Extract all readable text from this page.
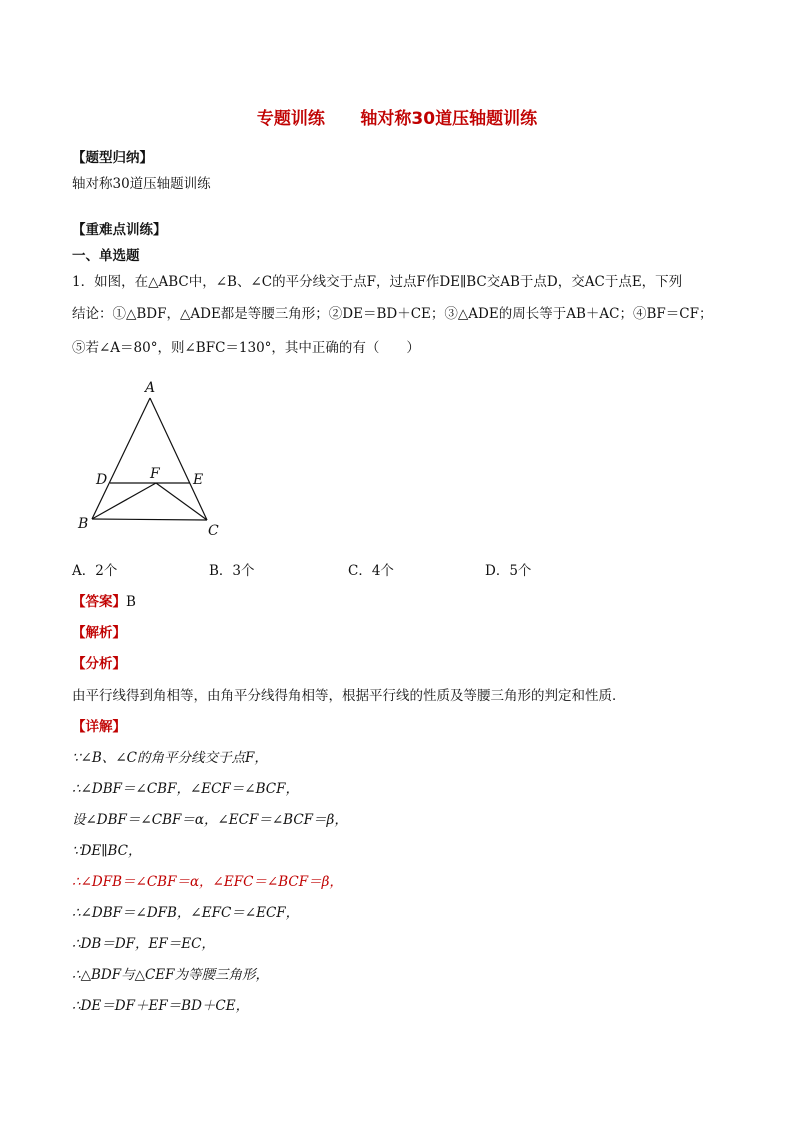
专题训练      轴对称30道压轴题训练
【题型归纳】
轴对称30道压轴题训练
【重难点训练】
一、单选题
1．如图，在△ABC中，∠B、∠C的平分线交于点F，过点F作DE∥BC交AB于点D，交AC于点E，下列
结论：①△BDF，△ADE都是等腰三角形；②DE＝BD＋CE；③△ADE的周长等于AB＋AC；④BF＝CF；
⑤若∠A＝80°，则∠BFC＝130°，其中正确的有（　　）
A
B	C
D	E
F
A．2个	B．3个	C．4个	D．5个
【答案】B
【解析】
【分析】
由平行线得到角相等，由角平分线得角相等，根据平行线的性质及等腰三角形的判定和性质．
【详解】
∵∠B、∠C的角平分线交于点F，
∴∠DBF＝∠CBF，∠ECF＝∠BCF，
设∠DBF＝∠CBF＝α，∠ECF＝∠BCF＝β，
∵DE∥BC，
∴∠DFB＝∠CBF＝α，∠EFC＝∠BCF＝β，
∴∠DBF＝∠DFB，∠EFC＝∠ECF，
∴DB＝DF，EF＝EC，
∴△BDF与△CEF为等腰三角形，
∴DE＝DF＋EF＝BD＋CE，
